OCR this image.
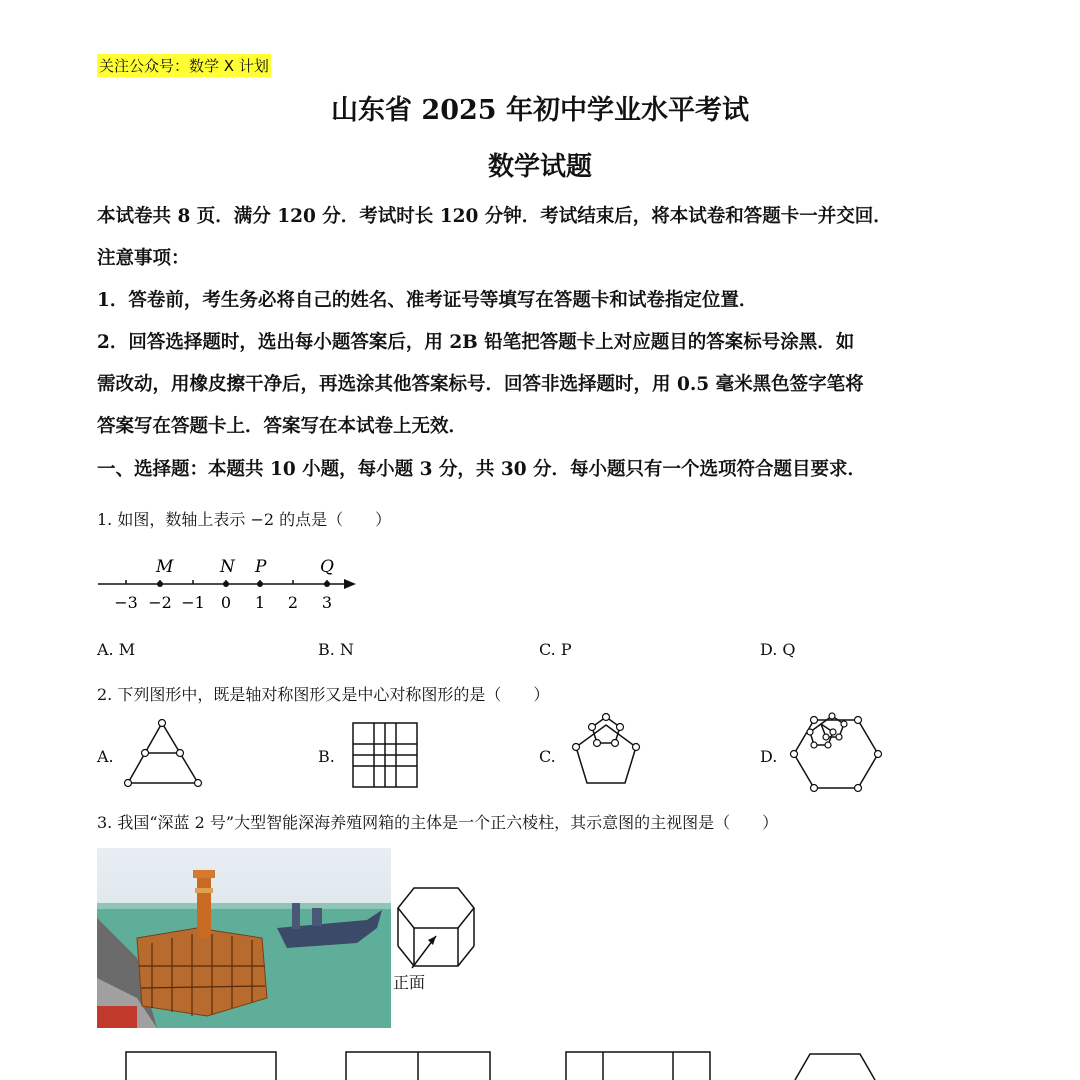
关注公众号：数学 X 计划
山东省 2025 年初中学业水平考试
数学试题
本试卷共 8 页．满分 120 分．考试时长 120 分钟．考试结束后，将本试卷和答题卡一并交回．
注意事项：
1．答卷前，考生务必将自己的姓名、准考证号等填写在答题卡和试卷指定位置．
2．回答选择题时，选出每小题答案后，用 2B 铅笔把答题卡上对应题目的答案标号涂黑．如
需改动，用橡皮擦干净后，再选涂其他答案标号．回答非选择题时，用 0.5 毫米黑色签字笔将
答案写在答题卡上．答案写在本试卷上无效．
一、选择题：本题共 10 小题，每小题 3 分，共 30 分．每小题只有一个选项符合题目要求．
1. 如图，数轴上表示 −2 的点是（　　）
M	N P	Q
−3 −2 −1 0 1 2 3
A. M	B. N	C. P	D. Q
2. 下列图形中，既是轴对称图形又是中心对称图形的是（　　）
A.	B.	C.	D.
3. 我国“深蓝 2 号”大型智能深海养殖网箱的主体是一个正六棱柱，其示意图的主视图是（　　）
正面
